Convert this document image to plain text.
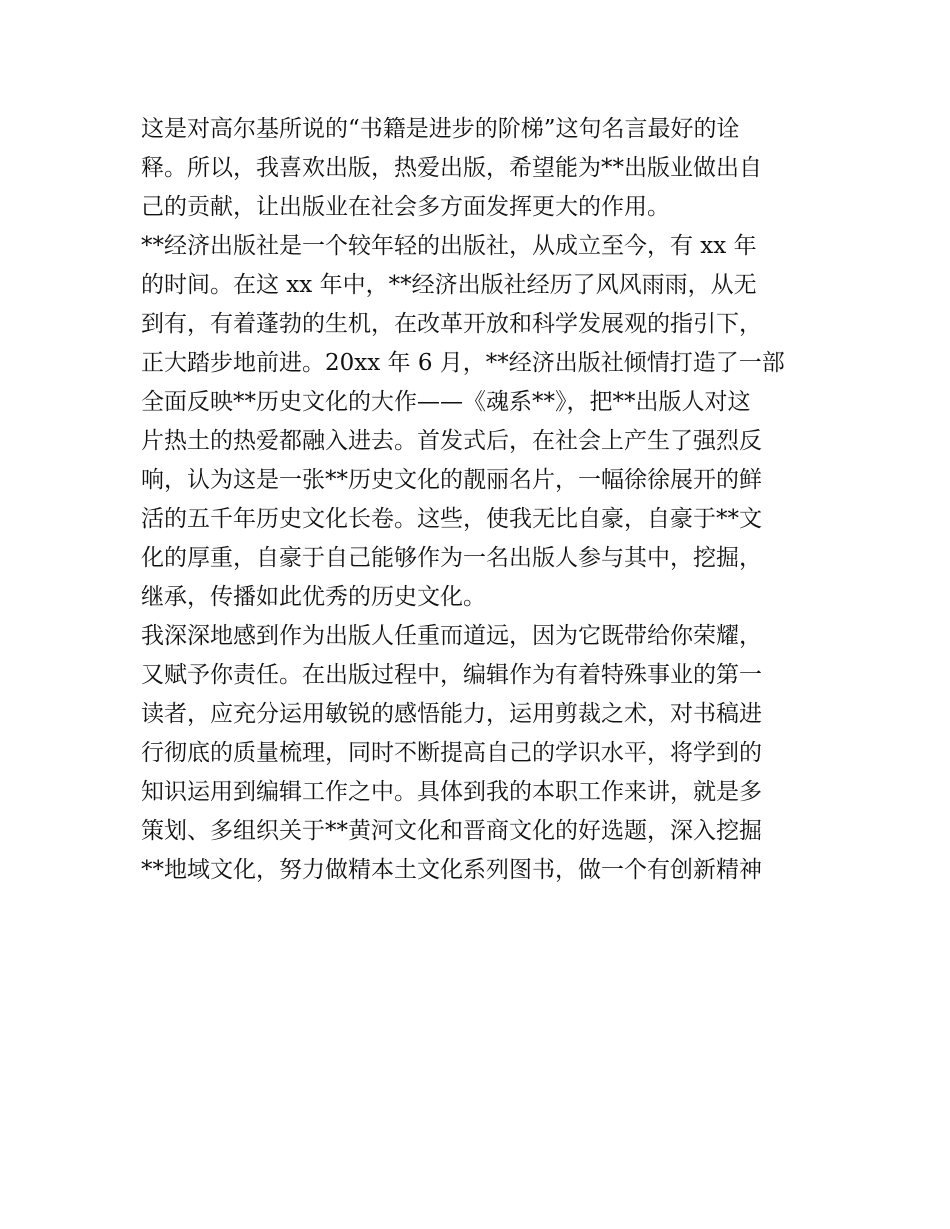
这是对高尔基所说的“书籍是进步的阶梯”这句名言最好的诠
释。所以，我喜欢出版，热爱出版，希望能为**出版业做出自
己的贡献，让出版业在社会多方面发挥更大的作用。
**经济出版社是一个较年轻的出版社，从成立至今，有 xx 年
的时间。在这 xx 年中，**经济出版社经历了风风雨雨，从无
到有，有着蓬勃的生机，在改革开放和科学发展观的指引下，
正大踏步地前进。20xx 年 6 月，**经济出版社倾情打造了一部
全面反映**历史文化的大作——《魂系**》，把**出版人对这
片热土的热爱都融入进去。首发式后，在社会上产生了强烈反
响，认为这是一张**历史文化的靓丽名片，一幅徐徐展开的鲜
活的五千年历史文化长卷。这些，使我无比自豪，自豪于**文
化的厚重，自豪于自己能够作为一名出版人参与其中，挖掘，
继承，传播如此优秀的历史文化。
我深深地感到作为出版人任重而道远，因为它既带给你荣耀，
又赋予你责任。在出版过程中，编辑作为有着特殊事业的第一
读者，应充分运用敏锐的感悟能力，运用剪裁之术，对书稿进
行彻底的质量梳理，同时不断提高自己的学识水平，将学到的
知识运用到编辑工作之中。具体到我的本职工作来讲，就是多
策划、多组织关于**黄河文化和晋商文化的好选题，深入挖掘
**地域文化，努力做精本土文化系列图书，做一个有创新精神
